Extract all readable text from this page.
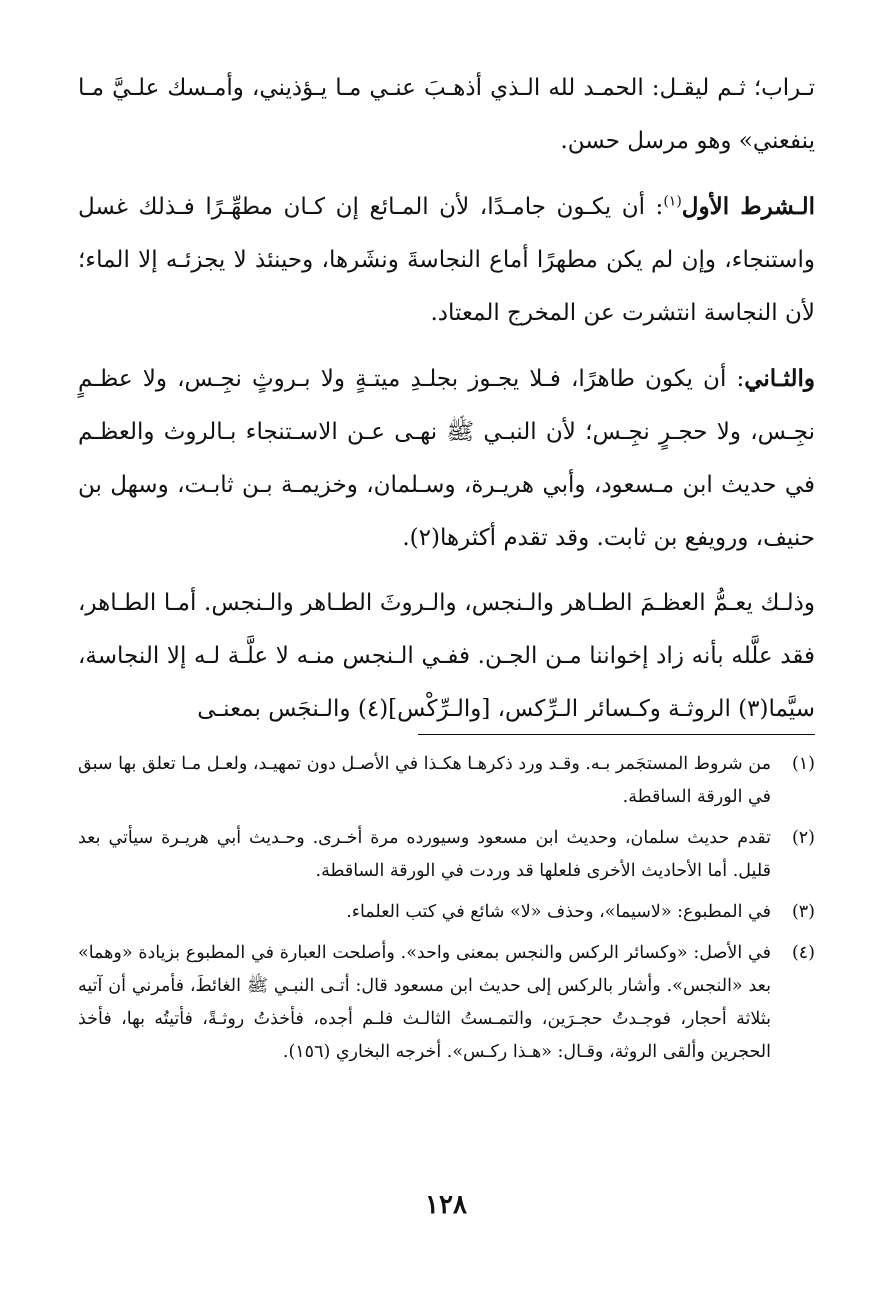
تـراب؛ ثـم ليقـل: الحمـد لله الـذي أذهـبَ عنـي مـا يـؤذيني، وأمـسك علـيَّ مـا ينفعني» وهو مرسل حسن.

الـشرط الأول$^{(١)}$: أن يكـون جامـدًا، لأن المـائع إن كـان مطهِّـرًا فـذلك غسل واستنجاء، وإن لم يكن مطهرًا أماع النجاسةَ ونشَرها، وحينئذ لا يجزئـه إلا الماء؛ لأن النجاسة انتشرت عن المخرج المعتاد.

والثـاني: أن يكون طاهرًا، فـلا يجـوز بجلـدِ ميتـةٍ ولا بـروثٍ نجِـس، ولا عظـمٍ نجِـس، ولا حجـرٍ نجِـس؛ لأن النبـي ﷺ نهـى عـن الاسـتنجاء بـالروث والعظـم في حديث ابن مـسعود، وأبي هريـرة، وسـلمان، وخزيمـة بـن ثابـت، وسهل بن حنيف، ورويفع بن ثابت. وقد تقدم أكثرها(٢).

وذلـك يعـمُّ العظـمَ الطـاهر والـنجس، والـروثَ الطـاهر والـنجس. أمـا الطـاهر، فقد علَّله بأنه زاد إخواننا مـن الجـن. ففـي الـنجس منـه لا علَّـة لـه إلا النجاسة، سيَّما(٣) الروثـة وكـسائر الـرِّكس، [والـرِّكْس](٤) والـنجَس بمعنـى

(١)
من شروط المستجَمر بـه. وقـد ورد ذكرهـا هكـذا في الأصـل دون تمهيـد، ولعـل مـا تعلق بها سبق في الورقة الساقطة.
(٢)
تقدم حديث سلمان، وحديث ابن مسعود وسيورده مرة أخـرى. وحـديث أبي هريـرة سيأتي بعد قليل. أما الأحاديث الأخرى فلعلها قد وردت في الورقة الساقطة.
(٣)
في المطبوع: «لاسيما»، وحذف «لا» شائع في كتب العلماء.
(٤)
في الأصل: «وكسائر الركس والنجس بمعنى واحد». وأصلحت العبارة في المطبوع بزيادة «وهما» بعد «النجس». وأشار بالركس إلى حديث ابن مسعود قال: أتـى النبـي ﷺ الغائطَ، فأمرني أن آتيه بثلاثة أحجار، فوجـدتُ حجـرَين، والتمـستُ الثالـث فلـم أجده، فأخذتُ روثـةً، فأتيتُه بها، فأخذ الحجرين وألقى الروثة، وقـال: «هـذا ركـس». أخرجه البخاري (١٥٦).
١٢٨
